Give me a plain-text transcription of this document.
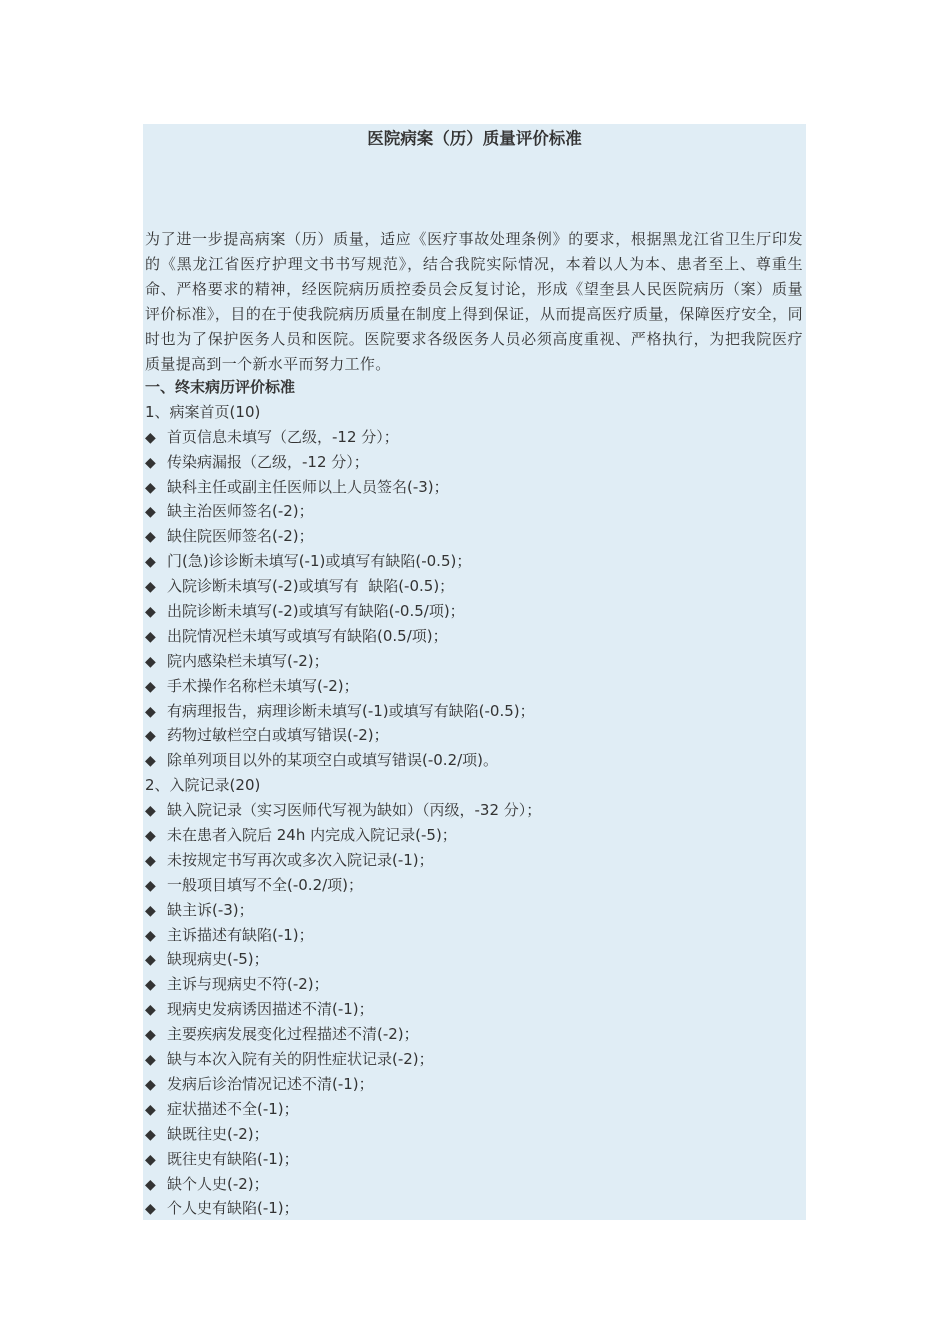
医院病案（历）质量评价标准

为了进一步提高病案（历）质量，适应《医疗事故处理条例》的要求，根据黑龙江省卫生厅印发的《黑龙江省医疗护理文书书写规范》，结合我院实际情况，本着以人为本、患者至上、尊重生命、严格要求的精神，经医院病历质控委员会反复讨论，形成《望奎县人民医院病历（案）质量评价标准》，目的在于使我院病历质量在制度上得到保证，从而提高医疗质量，保障医疗安全，同时也为了保护医务人员和医院。医院要求各级医务人员必须高度重视、严格执行，为把我院医疗质量提高到一个新水平而努力工作。

一、终末病历评价标准
1、病案首页(10)
◆ 首页信息未填写（乙级，-12 分）；
◆ 传染病漏报（乙级，-12 分）；
◆ 缺科主任或副主任医师以上人员签名(-3)；
◆ 缺主治医师签名(-2)；
◆ 缺住院医师签名(-2)；
◆ 门(急)诊诊断未填写(-1)或填写有缺陷(-0.5)；
◆ 入院诊断未填写(-2)或填写有  缺陷(-0.5)；
◆ 出院诊断未填写(-2)或填写有缺陷(-0.5/项)；
◆ 出院情况栏未填写或填写有缺陷(0.5/项)；
◆ 院内感染栏未填写(-2)；
◆ 手术操作名称栏未填写(-2)；
◆ 有病理报告，病理诊断未填写(-1)或填写有缺陷(-0.5)；
◆ 药物过敏栏空白或填写错误(-2)；
◆ 除单列项目以外的某项空白或填写错误(-0.2/项)。
2、入院记录(20)
◆ 缺入院记录（实习医师代写视为缺如）（丙级，-32 分）；
◆ 未在患者入院后 24h 内完成入院记录(-5)；
◆ 未按规定书写再次或多次入院记录(-1)；
◆ 一般项目填写不全(-0.2/项)；
◆ 缺主诉(-3)；
◆ 主诉描述有缺陷(-1)；
◆ 缺现病史(-5)；
◆ 主诉与现病史不符(-2)；
◆ 现病史发病诱因描述不清(-1)；
◆ 主要疾病发展变化过程描述不清(-2)；
◆ 缺与本次入院有关的阴性症状记录(-2)；
◆ 发病后诊治情况记述不清(-1)；
◆ 症状描述不全(-1)；
◆ 缺既往史(-2)；
◆ 既往史有缺陷(-1)；
◆ 缺个人史(-2)；
◆ 个人史有缺陷(-1)；
